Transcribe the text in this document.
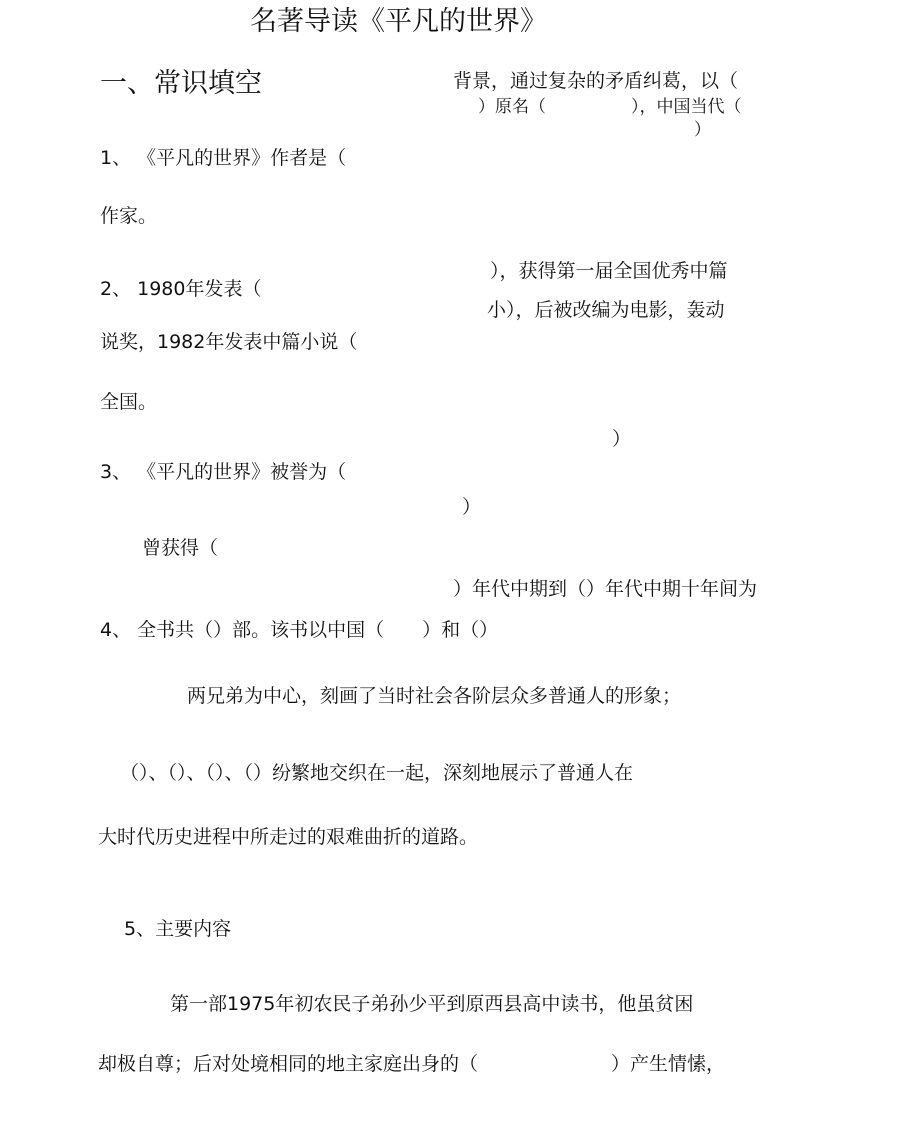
名著导读《平凡的世界》
一、常识填空	背景，通过复杂的矛盾纠葛，以（
）原名（　　　　　），中国当代（
）
1、 《平凡的世界》作者是（
作家。
），获得第一届全国优秀中篇
2、 1980年发表（
小），后被改编为电影，轰动
说奖，1982年发表中篇小说（
全国。
）
3、 《平凡的世界》被誉为（
）
曾获得（
）年代中期到（）年代中期十年间为
4、 全书共（）部。该书以中国（　　）和（）
两兄弟为中心，刻画了当时社会各阶层众多普通人的形象；
（）、（）、（）、（）纷繁地交织在一起，深刻地展示了普通人在
大时代历史进程中所走过的艰难曲折的道路。
5、主要内容
第一部1975年初农民子弟孙少平到原西县高中读书，他虽贫困
却极自尊；后对处境相同的地主家庭出身的（　　　　　　　）产生情愫，
